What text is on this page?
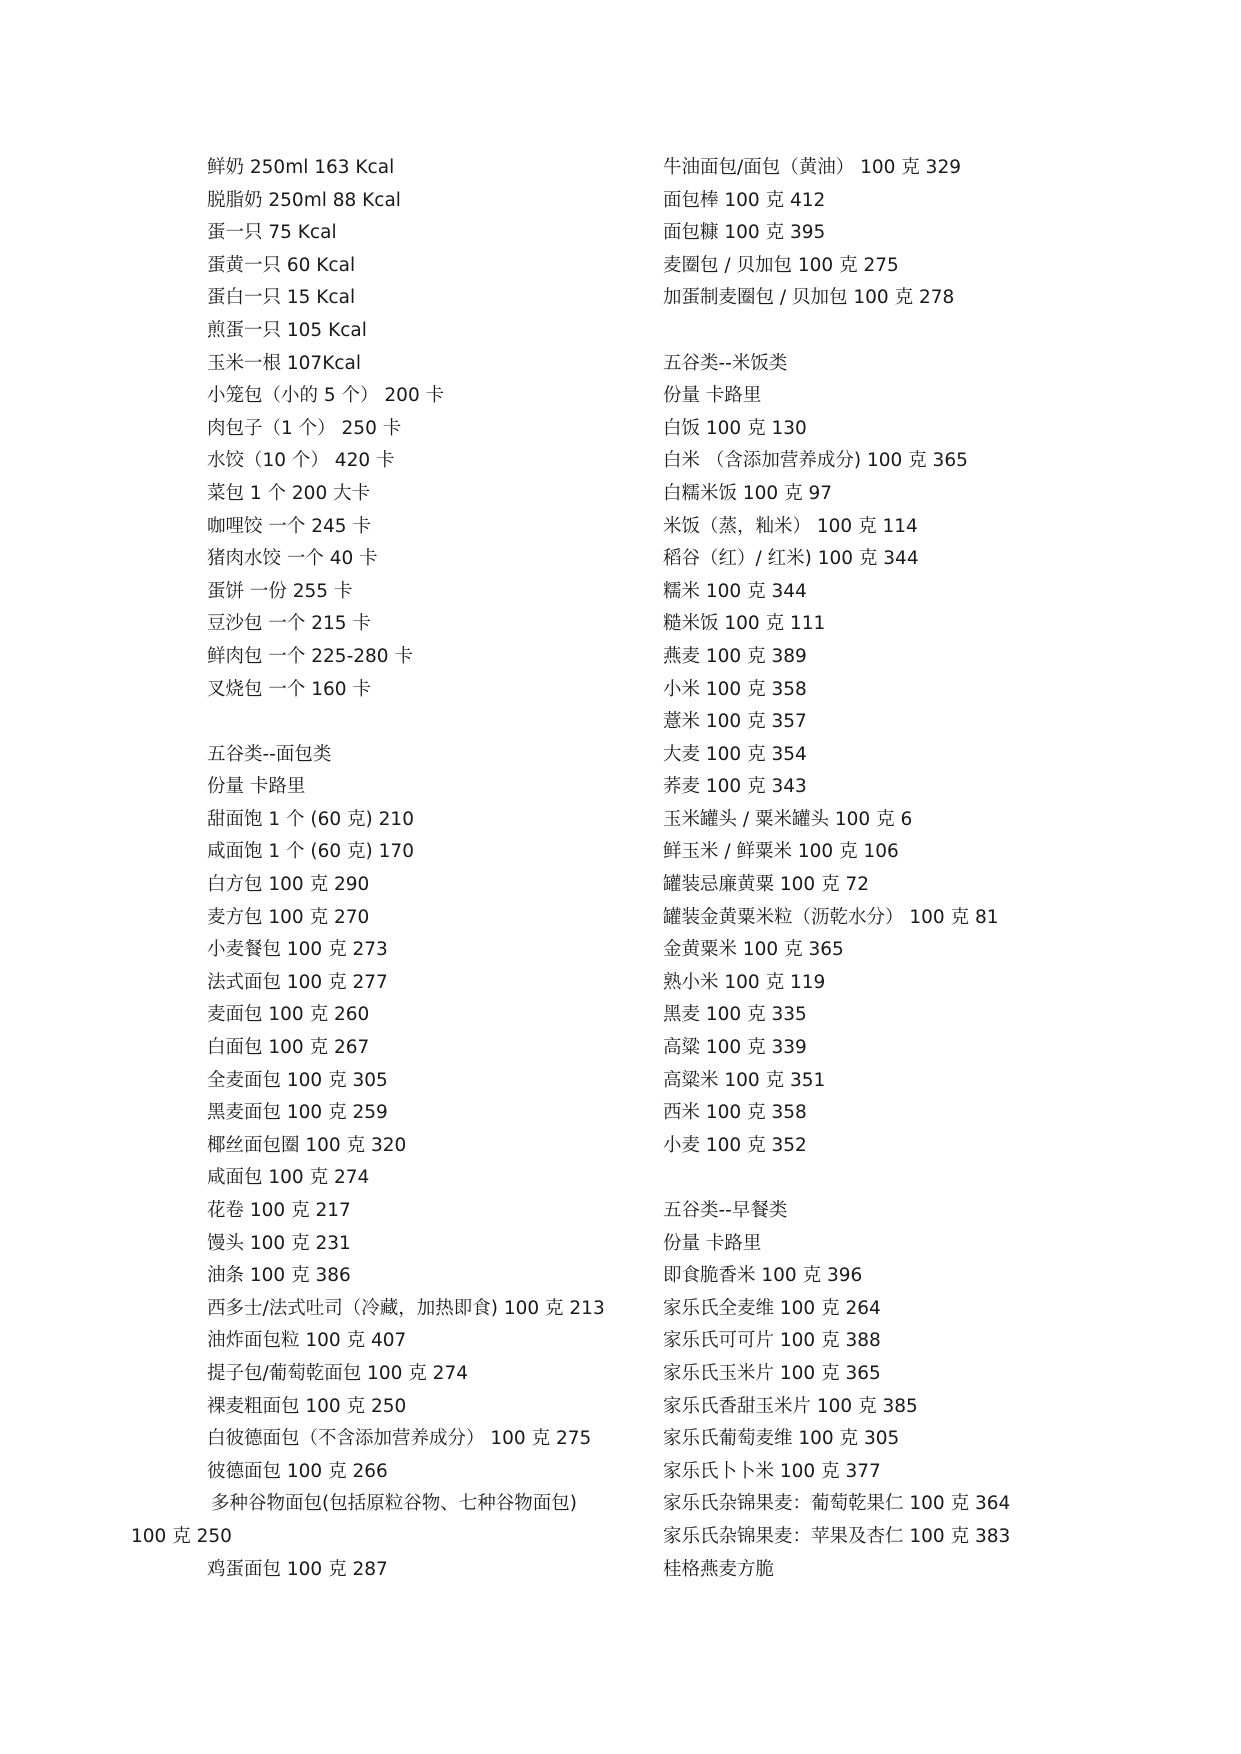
鲜奶 250ml 163 Kcal
脱脂奶 250ml 88 Kcal
蛋一只 75 Kcal
蛋黄一只 60 Kcal
蛋白一只 15 Kcal
煎蛋一只 105 Kcal
玉米一根 107Kcal
小笼包（小的 5 个） 200 卡
肉包子（1 个） 250 卡
水饺（10 个） 420 卡
菜包 1 个 200 大卡
咖哩饺 一个 245 卡
猪肉水饺 一个 40 卡
蛋饼 一份 255 卡
豆沙包 一个 215 卡
鲜肉包 一个 225-280 卡
叉烧包 一个 160 卡
五谷类--面包类
份量 卡路里
甜面饱 1 个 (60 克) 210
咸面饱 1 个 (60 克) 170
白方包 100 克 290
麦方包 100 克 270
小麦餐包 100 克 273
法式面包 100 克 277
麦面包 100 克 260
白面包 100 克 267
全麦面包 100 克 305
黑麦面包 100 克 259
椰丝面包圈 100 克 320
咸面包 100 克 274
花卷 100 克 217
馒头 100 克 231
油条 100 克 386
西多士/法式吐司（冷藏，加热即食) 100 克 213
油炸面包粒 100 克 407
提子包/葡萄乾面包 100 克 274
裸麦粗面包 100 克 250
白彼德面包（不含添加营养成分） 100 克 275
彼德面包 100 克 266
多种谷物面包(包括原粒谷物、七种谷物面包)
100 克 250
鸡蛋面包 100 克 287
牛油面包/面包（黄油） 100 克 329
面包棒 100 克 412
面包糠 100 克 395
麦圈包 / 贝加包 100 克 275
加蛋制麦圈包 / 贝加包 100 克 278
五谷类--米饭类
份量 卡路里
白饭 100 克 130
白米 （含添加营养成分) 100 克 365
白糯米饭 100 克 97
米饭（蒸，籼米） 100 克 114
稻谷（红）/ 红米) 100 克 344
糯米 100 克 344
糙米饭 100 克 111
燕麦 100 克 389
小米 100 克 358
薏米 100 克 357
大麦 100 克 354
荞麦 100 克 343
玉米罐头 / 粟米罐头 100 克 6
鲜玉米 / 鲜粟米 100 克 106
罐装忌廉黄粟 100 克 72
罐装金黄粟米粒（沥乾水分） 100 克 81
金黄粟米 100 克 365
熟小米 100 克 119
黑麦 100 克 335
高粱 100 克 339
高粱米 100 克 351
西米 100 克 358
小麦 100 克 352
五谷类--早餐类
份量 卡路里
即食脆香米 100 克 396
家乐氏全麦维 100 克 264
家乐氏可可片 100 克 388
家乐氏玉米片 100 克 365
家乐氏香甜玉米片 100 克 385
家乐氏葡萄麦维 100 克 305
家乐氏卜卜米 100 克 377
家乐氏杂锦果麦：葡萄乾果仁 100 克 364
家乐氏杂锦果麦：苹果及杏仁 100 克 383
桂格燕麦方脆
